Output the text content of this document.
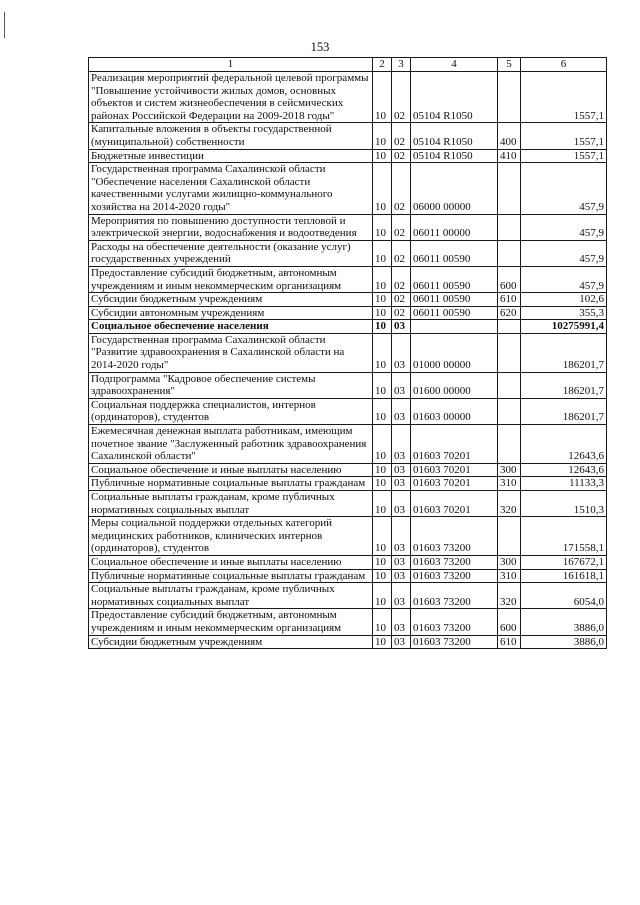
153
1	2	3	4	5	6
Реализация мероприятий федеральной целевой программы "Повышение устойчивости жилых домов, основных объектов и систем жизнеобеспечения в сейсмических районах Российской Федерации на 2009-2018 годы"	10	02	05104 R1050		1557,1
Капитальные вложения в объекты государственной (муниципальной) собственности	10	02	05104 R1050	400	1557,1
Бюджетные инвестиции	10	02	05104 R1050	410	1557,1
Государственная программа Сахалинской области "Обеспечение населения Сахалинской области качественными услугами жилищно-коммунального хозяйства на 2014-2020 годы"	10	02	06000 00000		457,9
Мероприятия по повышению доступности тепловой и электрической энергии, водоснабжения и водоотведения	10	02	06011 00000		457,9
Расходы на обеспечение деятельности (оказание услуг) государственных учреждений	10	02	06011 00590		457,9
Предоставление субсидий бюджетным, автономным учреждениям и иным некоммерческим организациям	10	02	06011 00590	600	457,9
Субсидии бюджетным учреждениям	10	02	06011 00590	610	102,6
Субсидии автономным учреждениям	10	02	06011 00590	620	355,3
Социальное обеспечение населения	10	03			10275991,4
Государственная программа Сахалинской области "Развитие здравоохранения в Сахалинской области на 2014-2020 годы"	10	03	01000 00000		186201,7
Подпрограмма "Кадровое обеспечение системы здравоохранения"	10	03	01600 00000		186201,7
Социальная поддержка специалистов, интернов (ординаторов), студентов	10	03	01603 00000		186201,7
Ежемесячная денежная выплата работникам, имеющим почетное звание "Заслуженный работник здравоохранения Сахалинской области"	10	03	01603 70201		12643,6
Социальное обеспечение и иные выплаты населению	10	03	01603 70201	300	12643,6
Публичные нормативные социальные выплаты гражданам	10	03	01603 70201	310	11133,3
Социальные выплаты гражданам, кроме публичных нормативных социальных выплат	10	03	01603 70201	320	1510,3
Меры социальной поддержки отдельных категорий медицинских работников, клинических интернов (ординаторов), студентов	10	03	01603 73200		171558,1
Социальное обеспечение и иные выплаты населению	10	03	01603 73200	300	167672,1
Публичные нормативные социальные выплаты гражданам	10	03	01603 73200	310	161618,1
Социальные выплаты гражданам, кроме публичных нормативных социальных выплат	10	03	01603 73200	320	6054,0
Предоставление субсидий бюджетным, автономным учреждениям и иным некоммерческим организациям	10	03	01603 73200	600	3886,0
Субсидии бюджетным учреждениям	10	03	01603 73200	610	3886,0
